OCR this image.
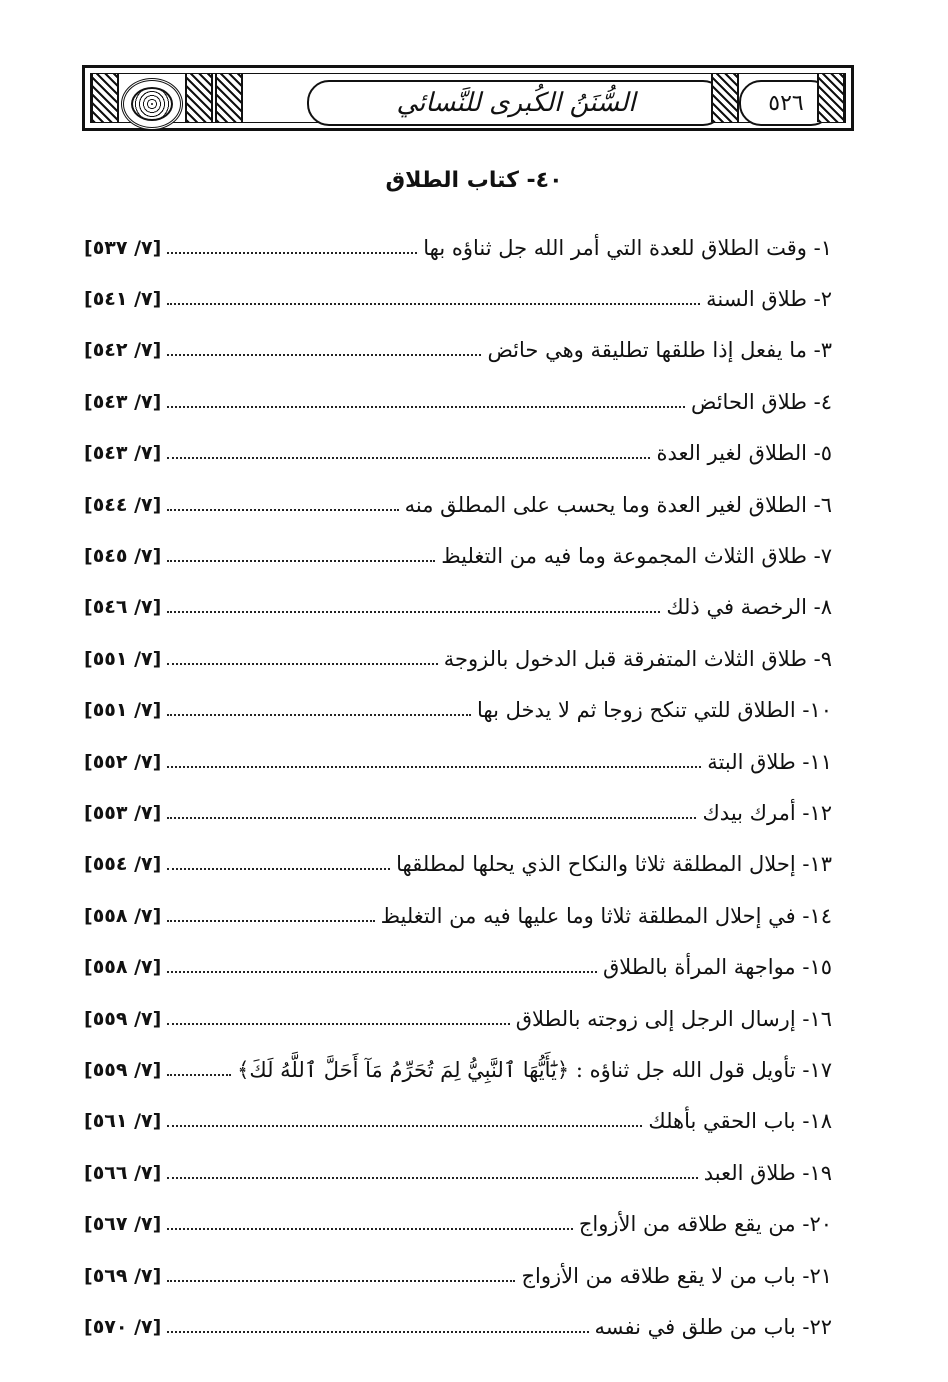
السُّنَنُ الكُبرى للنَّسائي	٥٢٦
٤٠- كتاب الطلاق
١- وقت الطلاق للعدة التي أمر الله جل ثناؤه بها
[٧/ ٥٣٧]
٢- طلاق السنة
[٧/ ٥٤١]
٣- ما يفعل إذا طلقها تطليقة وهي حائض
[٧/ ٥٤٢]
٤- طلاق الحائض
[٧/ ٥٤٣]
٥- الطلاق لغير العدة
[٧/ ٥٤٣]
٦- الطلاق لغير العدة وما يحسب على المطلق منه
[٧/ ٥٤٤]
٧- طلاق الثلاث المجموعة وما فيه من التغليظ
[٧/ ٥٤٥]
٨- الرخصة في ذلك
[٧/ ٥٤٦]
٩- طلاق الثلاث المتفرقة قبل الدخول بالزوجة
[٧/ ٥٥١]
١٠- الطلاق للتي تنكح زوجا ثم لا يدخل بها
[٧/ ٥٥١]
١١- طلاق البتة
[٧/ ٥٥٢]
١٢- أمرك بيدك
[٧/ ٥٥٣]
١٣- إحلال المطلقة ثلاثا والنكاح الذي يحلها لمطلقها
[٧/ ٥٥٤]
١٤- في إحلال المطلقة ثلاثا وما عليها فيه من التغليظ
[٧/ ٥٥٨]
١٥- مواجهة المرأة بالطلاق
[٧/ ٥٥٨]
١٦- إرسال الرجل إلى زوجته بالطلاق
[٧/ ٥٥٩]
١٧- تأويل قول الله جل ثناؤه : ﴿يَٰٓأَيُّهَا ٱلنَّبِيُّ لِمَ تُحَرِّمُ مَآ أَحَلَّ ٱللَّهُ لَكَ﴾
[٧/ ٥٥٩]
١٨- باب الحقي بأهلك
[٧/ ٥٦١]
١٩- طلاق العبد
[٧/ ٥٦٦]
٢٠- من يقع طلاقه من الأزواج
[٧/ ٥٦٧]
٢١- باب من لا يقع طلاقه من الأزواج
[٧/ ٥٦٩]
٢٢- باب من طلق في نفسه
[٧/ ٥٧٠]
